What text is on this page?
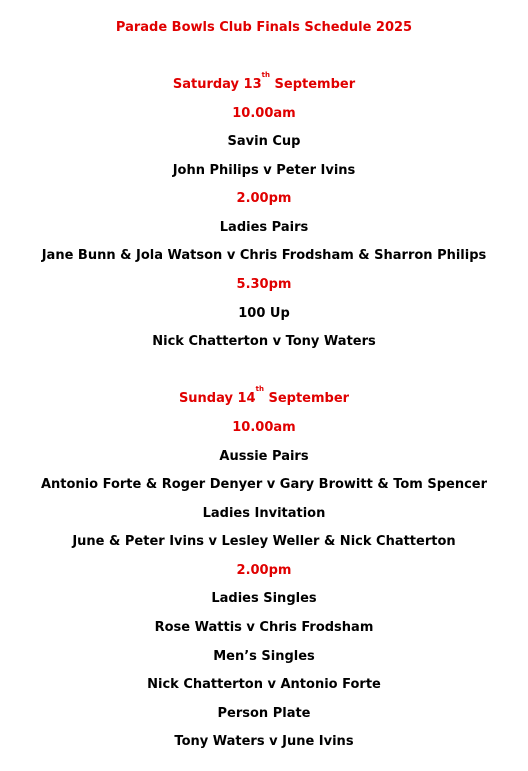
Parade Bowls Club Finals Schedule 2025
Saturday 13th September
10.00am
Savin Cup
John Philips v Peter Ivins
2.00pm
Ladies Pairs
Jane Bunn & Jola Watson v Chris Frodsham & Sharron Philips
5.30pm
100 Up
Nick Chatterton v Tony Waters
Sunday 14th September
10.00am
Aussie Pairs
Antonio Forte & Roger Denyer v Gary Browitt & Tom Spencer
Ladies Invitation
June & Peter Ivins v Lesley Weller & Nick Chatterton
2.00pm
Ladies Singles
Rose Wattis v Chris Frodsham
Men’s Singles
Nick Chatterton v Antonio Forte
Person Plate
Tony Waters v June Ivins
